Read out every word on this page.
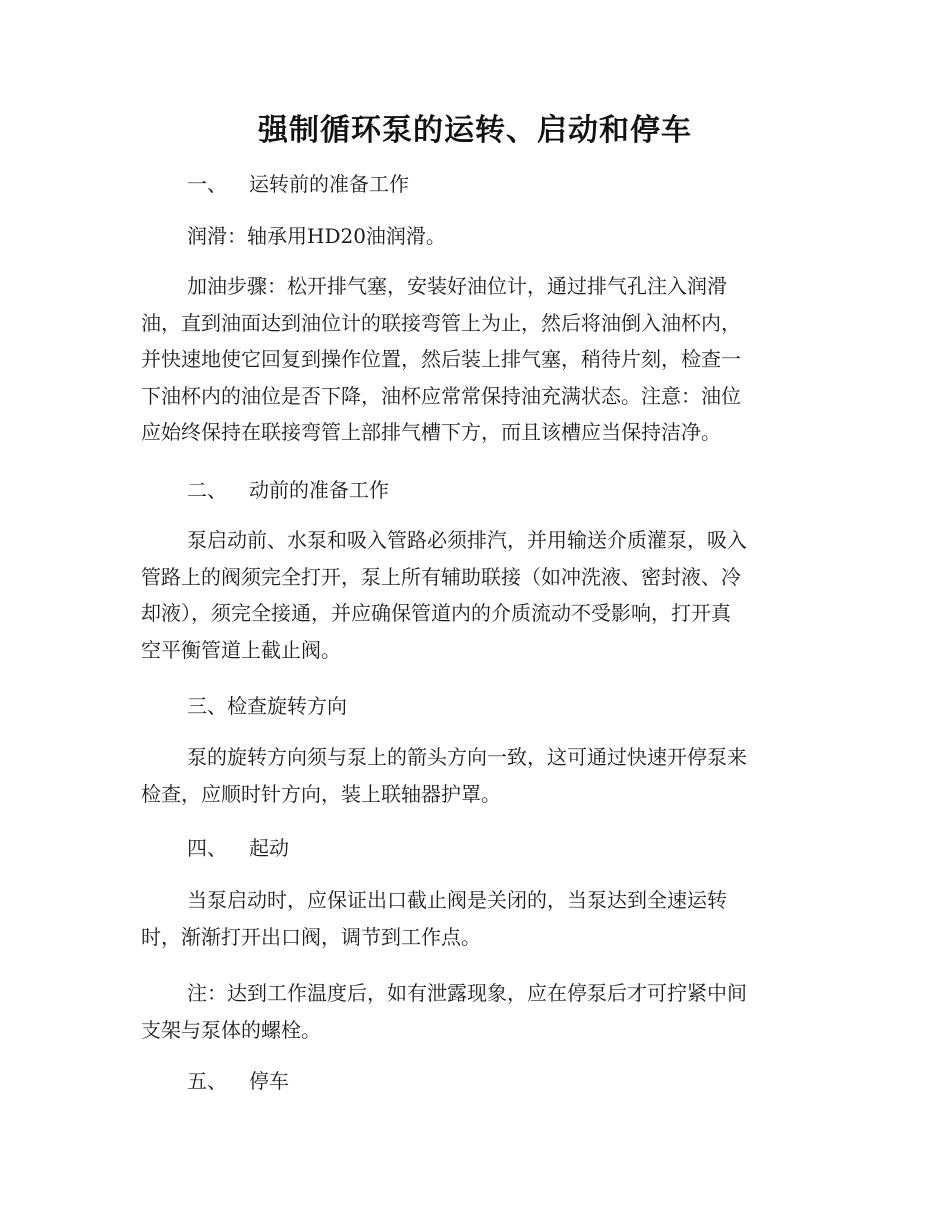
强制循环泵的运转、启动和停车
一、 运转前的准备工作
润滑：轴承用HD20油润滑。
加油步骤：松开排气塞，安装好油位计，通过排气孔注入润滑
油，直到油面达到油位计的联接弯管上为止，然后将油倒入油杯内，
并快速地使它回复到操作位置，然后装上排气塞，稍待片刻，检查一
下油杯内的油位是否下降，油杯应常常保持油充满状态。注意：油位
应始终保持在联接弯管上部排气槽下方，而且该槽应当保持洁净。
二、 动前的准备工作
泵启动前、水泵和吸入管路必须排汽，并用输送介质灌泵，吸入
管路上的阀须完全打开，泵上所有辅助联接（如冲洗液、密封液、冷
却液），须完全接通，并应确保管道内的介质流动不受影响，打开真
空平衡管道上截止阀。
三、检查旋转方向
泵的旋转方向须与泵上的箭头方向一致，这可通过快速开停泵来
检查，应顺时针方向，装上联轴器护罩。
四、 起动
当泵启动时，应保证出口截止阀是关闭的，当泵达到全速运转
时，渐渐打开出口阀，调节到工作点。
注：达到工作温度后，如有泄露现象，应在停泵后才可拧紧中间
支架与泵体的螺栓。
五、 停车
